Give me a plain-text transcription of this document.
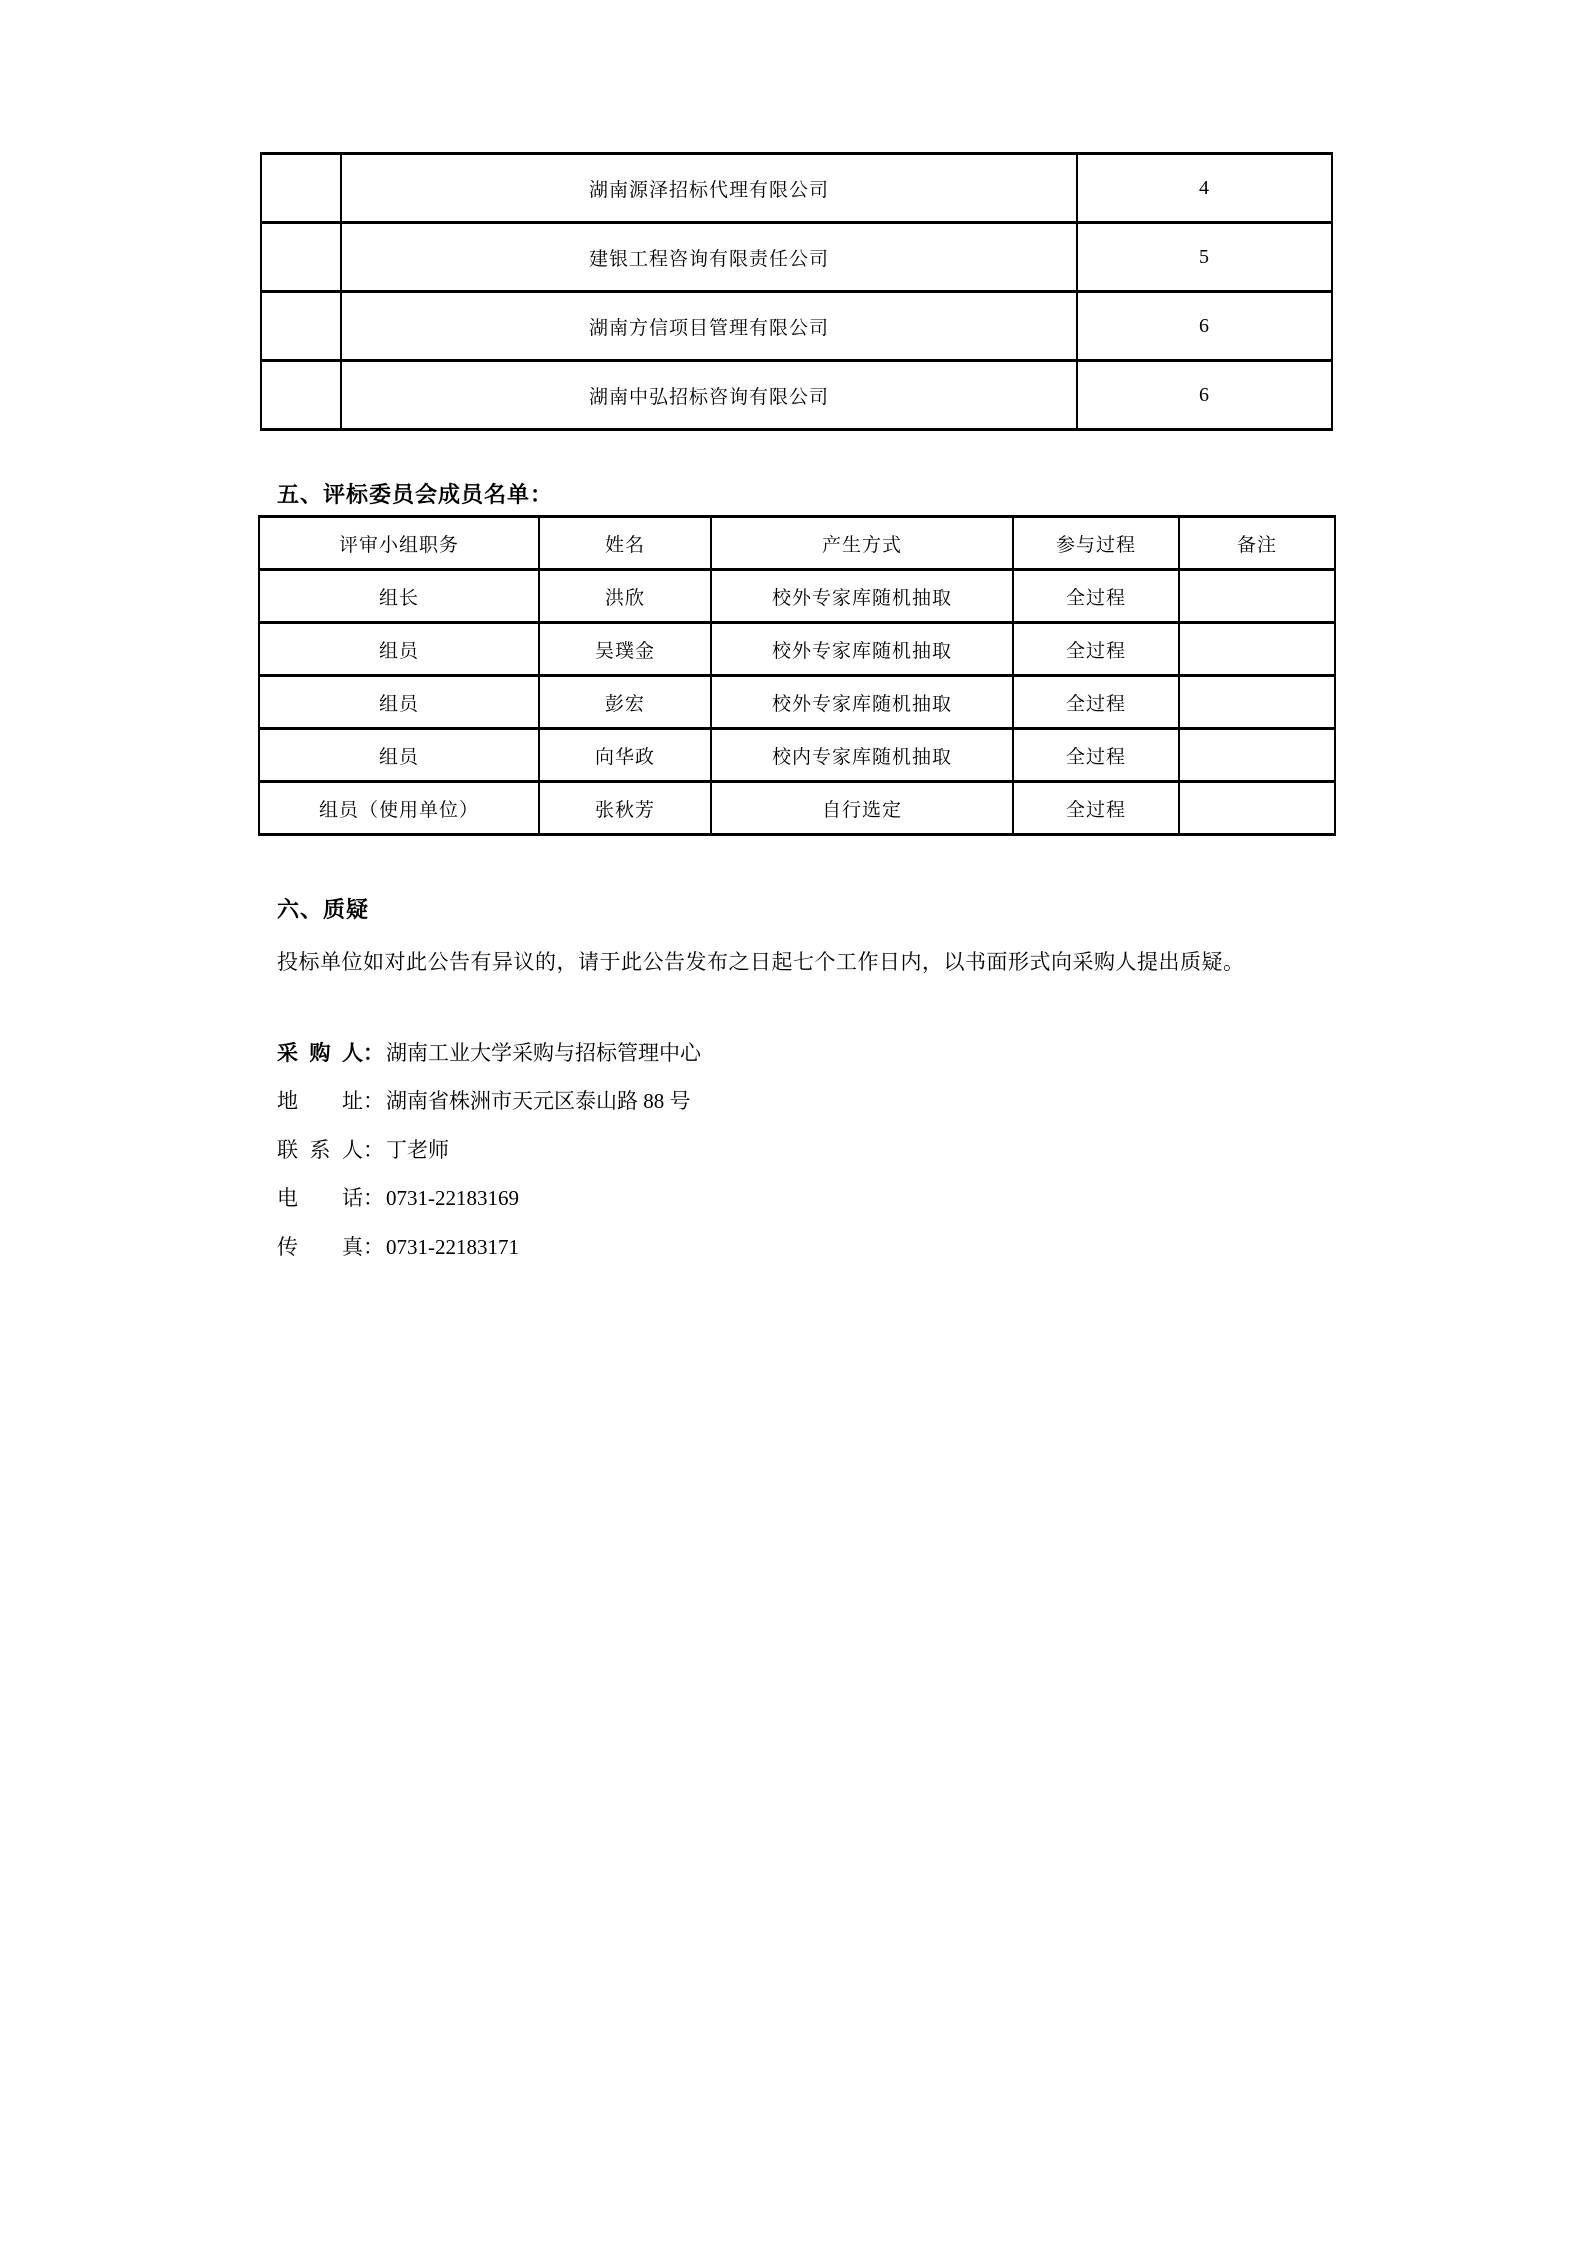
	湖南源泽招标代理有限公司	4
	建银工程咨询有限责任公司	5
	湖南方信项目管理有限公司	6
	湖南中弘招标咨询有限公司	6
五、评标委员会成员名单：
评审小组职务	姓名	产生方式	参与过程	备注
组长	洪欣	校外专家库随机抽取	全过程	
组员	吴璞金	校外专家库随机抽取	全过程	
组员	彭宏	校外专家库随机抽取	全过程	
组员	向华政	校内专家库随机抽取	全过程	
组员（使用单位）	张秋芳	自行选定	全过程	
六、质疑
投标单位如对此公告有异议的，请于此公告发布之日起七个工作日内，以书面形式向采购人提出质疑。
采购人：湖南工业大学采购与招标管理中心
地址：湖南省株洲市天元区泰山路 88 号
联系人：丁老师
电话：0731-22183169
传真：0731-22183171
